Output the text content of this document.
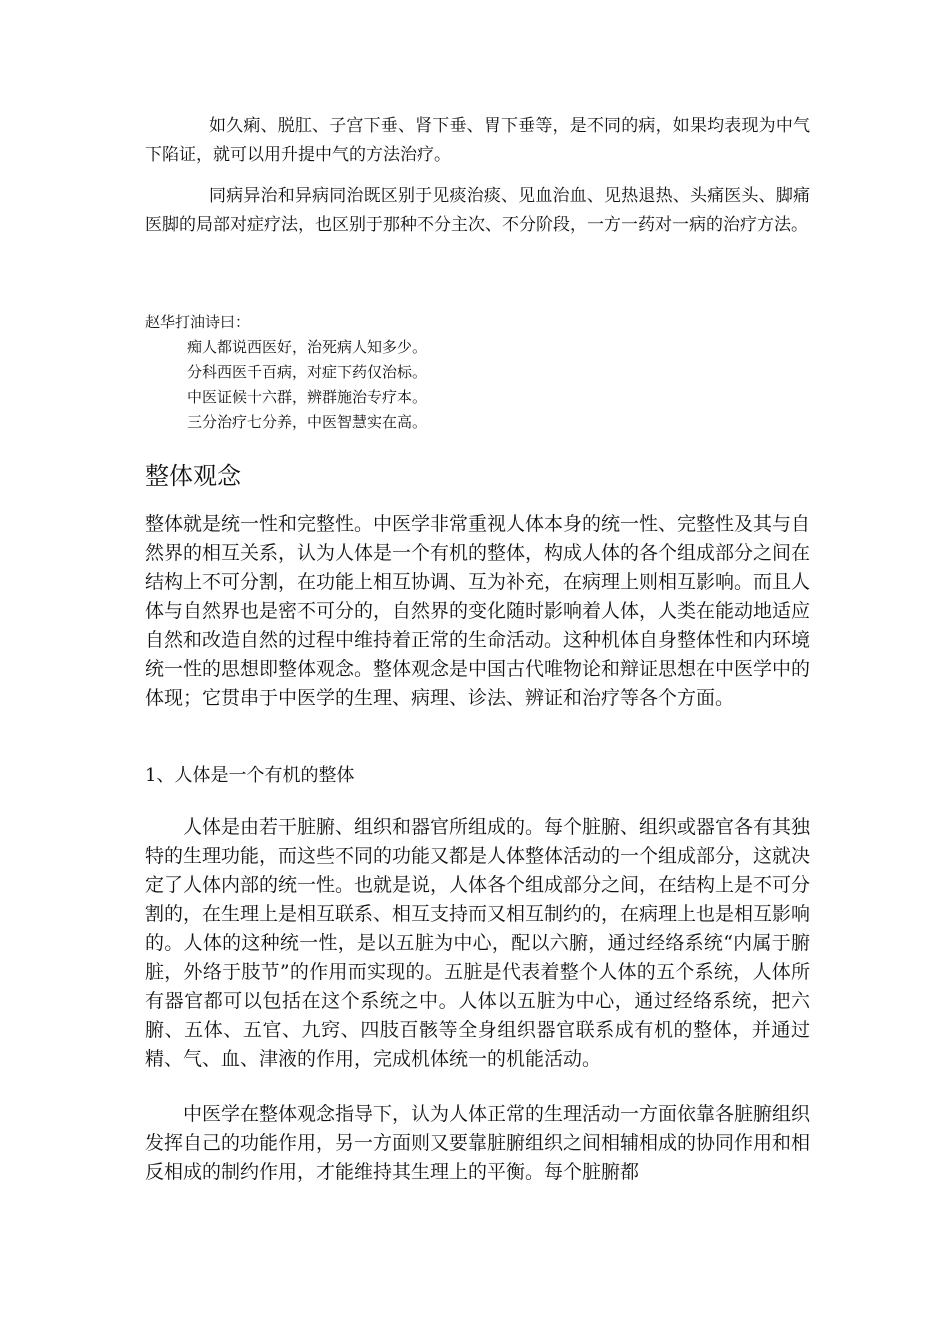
如久痢、脱肛、子宫下垂、肾下垂、胃下垂等，是不同的病，如果均表现为中气下陷证，就可以用升提中气的方法治疗。

同病异治和异病同治既区别于见痰治痰、见血治血、见热退热、头痛医头、脚痛医脚的局部对症疗法，也区别于那种不分主次、不分阶段，一方一药对一病的治疗方法。

赵华打油诗曰：
痴人都说西医好，治死病人知多少。
分科西医千百病，对症下药仅治标。
中医证候十六群，辨群施治专疗本。
三分治疗七分养，中医智慧实在高。
整体观念

整体就是统一性和完整性。中医学非常重视人体本身的统一性、完整性及其与自然界的相互关系，认为人体是一个有机的整体，构成人体的各个组成部分之间在结构上不可分割，在功能上相互协调、互为补充，在病理上则相互影响。而且人体与自然界也是密不可分的，自然界的变化随时影响着人体，人类在能动地适应自然和改造自然的过程中维持着正常的生命活动。这种机体自身整体性和内环境统一性的思想即整体观念。整体观念是中国古代唯物论和辩证思想在中医学中的体现；它贯串于中医学的生理、病理、诊法、辨证和治疗等各个方面。

1、人体是一个有机的整体

人体是由若干脏腑、组织和器官所组成的。每个脏腑、组织或器官各有其独特的生理功能，而这些不同的功能又都是人体整体活动的一个组成部分，这就决定了人体内部的统一性。也就是说，人体各个组成部分之间，在结构上是不可分割的，在生理上是相互联系、相互支持而又相互制约的，在病理上也是相互影响的。人体的这种统一性，是以五脏为中心，配以六腑，通过经络系统“内属于腑脏，外络于肢节”的作用而实现的。五脏是代表着整个人体的五个系统，人体所有器官都可以包括在这个系统之中。人体以五脏为中心，通过经络系统，把六腑、五体、五官、九窍、四肢百骸等全身组织器官联系成有机的整体，并通过精、气、血、津液的作用，完成机体统一的机能活动。

中医学在整体观念指导下，认为人体正常的生理活动一方面依靠各脏腑组织发挥自己的功能作用，另一方面则又要靠脏腑组织之间相辅相成的协同作用和相反相成的制约作用，才能维持其生理上的平衡。每个脏腑都
